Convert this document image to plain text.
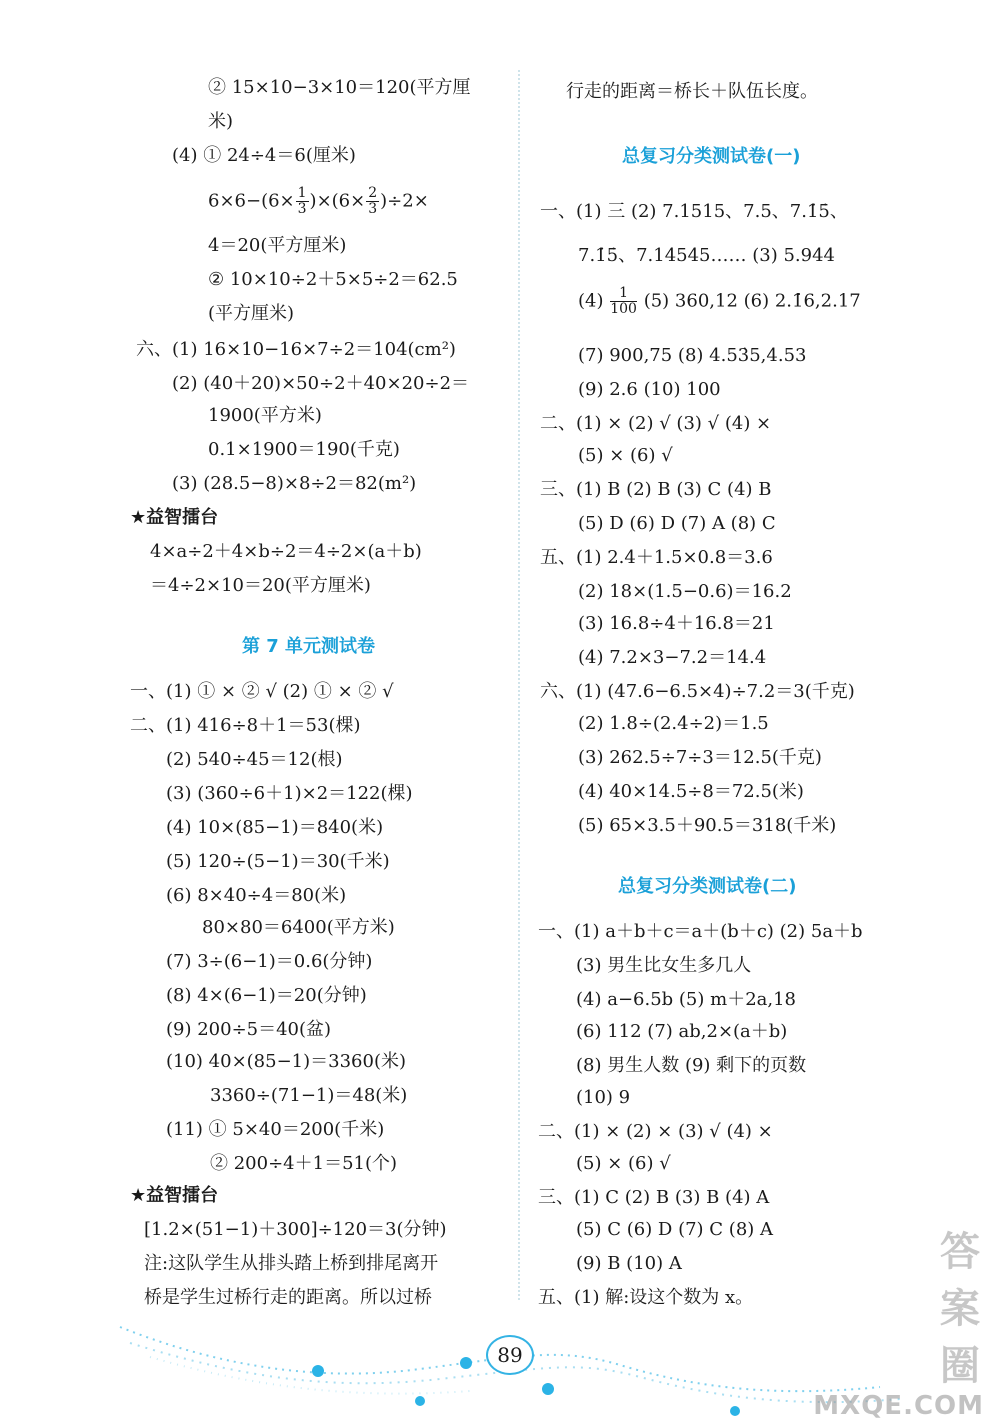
② 15×10−3×10＝120(平方厘
米)
(4) ① 24÷4＝6(厘米)
$6\times 6-(6\times \frac{1}{3} )\times(6\times \frac{2}{3} )\div 2\times$
4＝20(平方厘米)
② 10×10÷2＋5×5÷2＝62.5
(平方厘米)
六、(1) 16×10−16×7÷2＝104(cm²)
(2) (40＋20)×50÷2＋40×20÷2＝
1900(平方米)
0.1×1900＝190(千克)
(3) (28.5−8)×8÷2＝82(m²)
★益智擂台
4×a÷2＋4×b÷2＝4÷2×(a＋b)
＝4÷2×10＝20(平方厘米)
第 7 单元测试卷
一、(1) ① × ② √ (2) ① × ② √
二、(1) 416÷8＋1＝53(棵)
(2) 540÷45＝12(根)
(3) (360÷6＋1)×2＝122(棵)
(4) 10×(85−1)＝840(米)
(5) 120÷(5−1)＝30(千米)
(6) 8×40÷4＝80(米)
80×80＝6400(平方米)
(7) 3÷(6−1)＝0.6(分钟)
(8) 4×(6−1)＝20(分钟)
(9) 200÷5＝40(盆)
(10) 40×(85−1)＝3360(米)
3360÷(71−1)＝48(米)
(11) ① 5×40＝200(千米)
② 200÷4＋1＝51(个)
★益智擂台
[1.2×(51−1)＋300]÷120＝3(分钟)
注:这队学生从排头踏上桥到排尾离开
桥是学生过桥行走的距离。所以过桥
行走的距离＝桥长＋队伍长度。
总复习分类测试卷(一)
一、(1) 三 (2) 7.1515、7.5、7.1̇5̇、
7.1̇5̇、7.14545…… (3) 5.944
$(4) \frac{1}{100} (5)$ 360,12 (6) 2.1̇6,2.17
(7) 900,75 (8) 4.53̇5,4.53
(9) 2.6 (10) 100
二、(1) × (2) √ (3) √ (4) ×
(5) × (6) √
三、(1) B (2) B (3) C (4) B
(5) D (6) D (7) A (8) C
五、(1) 2.4＋1.5×0.8＝3.6
(2) 18×(1.5−0.6)＝16.2
(3) 16.8÷4＋16.8＝21
(4) 7.2×3−7.2＝14.4
六、(1) (47.6−6.5×4)÷7.2＝3(千克)
(2) 1.8÷(2.4÷2)＝1.5
(3) 262.5÷7÷3＝12.5(千克)
(4) 40×14.5÷8＝72.5(米)
(5) 65×3.5＋90.5＝318(千米)
总复习分类测试卷(二)
一、(1) a＋b＋c＝a＋(b＋c) (2) 5a＋b
(3) 男生比女生多几人
(4) a−6.5b (5) m＋2a,18
(6) 112 (7) ab,2×(a＋b)
(8) 男生人数 (9) 剩下的页数
(10) 9
二、(1) × (2) × (3) √ (4) ×
(5) × (6) √
三、(1) C (2) B (3) B (4) A
(5) C (6) D (7) C (8) A
(9) B (10) A
五、(1) 解:设这个数为 x。
89
答案圈
MXQE.COM
